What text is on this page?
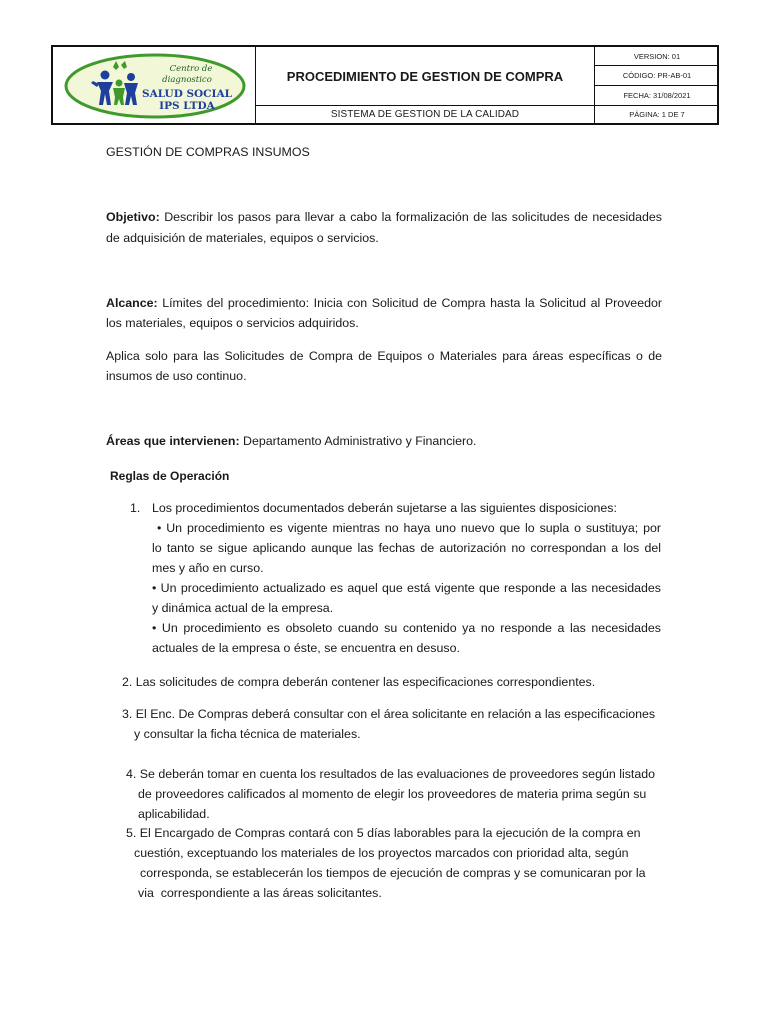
Centro de
diagnostico
SALUD SOCIAL
IPS LTDA
PROCEDIMIENTO DE GESTION DE COMPRA
SISTEMA DE GESTION DE LA CALIDAD
VERSION: 01
CÓDIGO: PR-AB-01
FECHA: 31/08/2021
PÁGINA: 1 DE 7
GESTIÓN DE COMPRAS INSUMOS
Objetivo: Describir los pasos para llevar a cabo la formalización de las solicitudes de necesidades
de adquisición de materiales, equipos o servicios.
Alcance: Límites del procedimiento: Inicia con Solicitud de Compra hasta la Solicitud al Proveedor
los materiales, equipos o servicios adquiridos.
Aplica solo para las Solicitudes de Compra de Equipos o Materiales para áreas específicas o de
insumos de uso continuo.
Áreas que intervienen: Departamento Administrativo y Financiero.
Reglas de Operación
1. Los procedimientos documentados deberán sujetarse a las siguientes disposiciones:
• Un procedimiento es vigente mientras no haya uno nuevo que lo supla o sustituya; por
lo tanto se sigue aplicando aunque las fechas de autorización no correspondan a los del
mes y año en curso.
• Un procedimiento actualizado es aquel que está vigente que responde a las necesidades
y dinámica actual de la empresa.
• Un procedimiento es obsoleto cuando su contenido ya no responde a las necesidades
actuales de la empresa o éste, se encuentra en desuso.
2. Las solicitudes de compra deberán contener las especificaciones correspondientes.
3. El Enc. De Compras deberá consultar con el área solicitante en relación a las especificaciones
y consultar la ficha técnica de materiales.
4. Se deberán tomar en cuenta los resultados de las evaluaciones de proveedores según listado
de proveedores calificados al momento de elegir los proveedores de materia prima según su
aplicabilidad.
5. El Encargado de Compras contará con 5 días laborables para la ejecución de la compra en
cuestión, exceptuando los materiales de los proyectos marcados con prioridad alta, según
corresponda, se establecerán los tiempos de ejecución de compras y se comunicaran por la
via  correspondiente a las áreas solicitantes.
